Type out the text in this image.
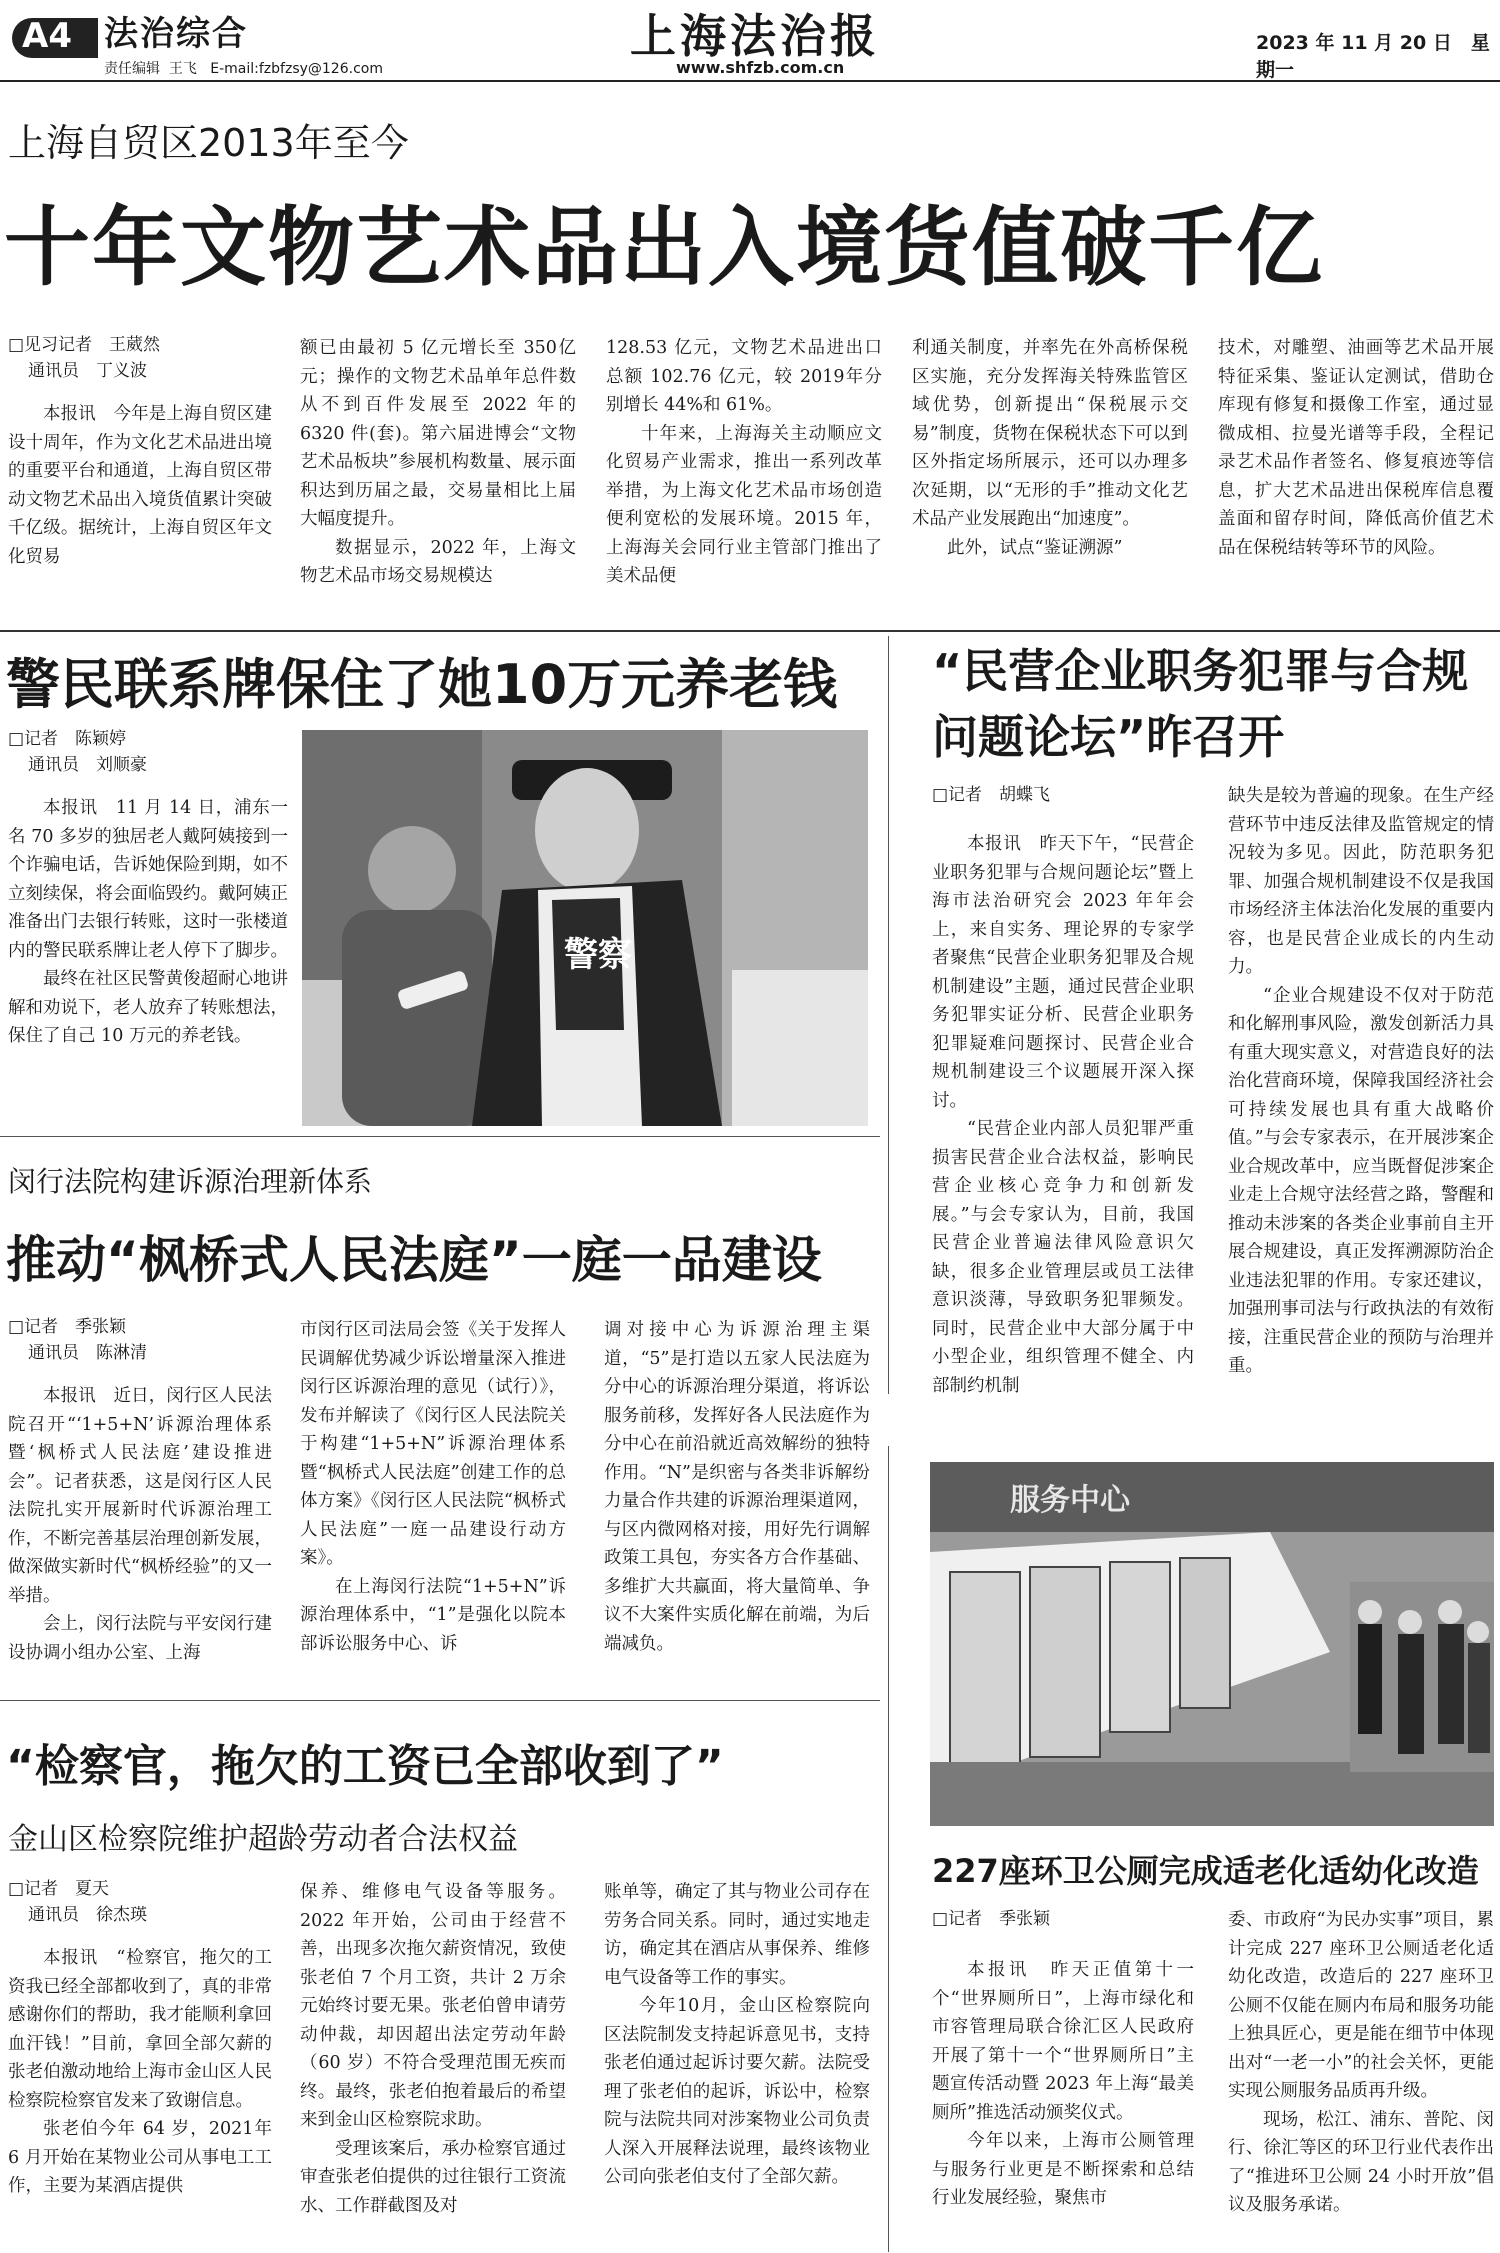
A4 法治综合
责任编辑 王飞 E-mail:fzbfzsy@126.com
上海法治报
www.shfzb.com.cn
2023 年 11 月 20 日　星期一
上海自贸区2013年至今
十年文物艺术品出入境货值破千亿
□见习记者　王葳然
通讯员　丁义波

本报讯　今年是上海自贸区建设十周年，作为文化艺术品进出境的重要平台和通道，上海自贸区带动文物艺术品出入境货值累计突破千亿级。据统计，上海自贸区年文化贸易

额已由最初 5 亿元增长至 350亿元；操作的文物艺术品单年总件数从不到百件发展至 2022 年的 6320 件(套)。第六届进博会“文物艺术品板块”参展机构数量、展示面积达到历届之最，交易量相比上届大幅度提升。

数据显示，2022 年，上海文物艺术品市场交易规模达

128.53 亿元，文物艺术品进出口总额 102.76 亿元，较 2019年分别增长 44%和 61%。

十年来，上海海关主动顺应文化贸易产业需求，推出一系列改革举措，为上海文化艺术品市场创造便利宽松的发展环境。2015 年，上海海关会同行业主管部门推出了美术品便

利通关制度，并率先在外高桥保税区实施，充分发挥海关特殊监管区域优势，创新提出“保税展示交易”制度，货物在保税状态下可以到区外指定场所展示，还可以办理多次延期，以“无形的手”推动文化艺术品产业发展跑出“加速度”。

此外，试点“鉴证溯源”

技术，对雕塑、油画等艺术品开展特征采集、鉴证认定测试，借助仓库现有修复和摄像工作室，通过显微成相、拉曼光谱等手段，全程记录艺术品作者签名、修复痕迹等信息，扩大艺术品进出保税库信息覆盖面和留存时间，降低高价值艺术品在保税结转等环节的风险。

警民联系牌保住了她10万元养老钱
□记者　陈颖婷
通讯员　刘顺豪

本报讯　11 月 14 日，浦东一名 70 多岁的独居老人戴阿姨接到一个诈骗电话，告诉她保险到期，如不立刻续保，将会面临毁约。戴阿姨正准备出门去银行转账，这时一张楼道内的警民联系牌让老人停下了脚步。

最终在社区民警黄俊超耐心地讲解和劝说下，老人放弃了转账想法，保住了自己 10 万元的养老钱。

警察
“民营企业职务犯罪与合规问题论坛”昨召开
□记者　胡蝶飞

本报讯　昨天下午，“民营企业职务犯罪与合规问题论坛”暨上海市法治研究会 2023 年年会上，来自实务、理论界的专家学者聚焦“民营企业职务犯罪及合规机制建设”主题，通过民营企业职务犯罪实证分析、民营企业职务犯罪疑难问题探讨、民营企业合规机制建设三个议题展开深入探讨。

“民营企业内部人员犯罪严重损害民营企业合法权益，影响民营企业核心竞争力和创新发展。”与会专家认为，目前，我国民营企业普遍法律风险意识欠缺，很多企业管理层或员工法律意识淡薄，导致职务犯罪频发。同时，民营企业中大部分属于中小型企业，组织管理不健全、内部制约机制

缺失是较为普遍的现象。在生产经营环节中违反法律及监管规定的情况较为多见。因此，防范职务犯罪、加强合规机制建设不仅是我国市场经济主体法治化发展的重要内容，也是民营企业成长的内生动力。

“企业合规建设不仅对于防范和化解刑事风险，激发创新活力具有重大现实意义，对营造良好的法治化营商环境，保障我国经济社会可持续发展也具有重大战略价值。”与会专家表示，在开展涉案企业合规改革中，应当既督促涉案企业走上合规守法经营之路，警醒和推动未涉案的各类企业事前自主开展合规建设，真正发挥溯源防治企业违法犯罪的作用。专家还建议，加强刑事司法与行政执法的有效衔接，注重民营企业的预防与治理并重。

闵行法院构建诉源治理新体系
推动“枫桥式人民法庭”一庭一品建设
□记者　季张颖
通讯员　陈淋清

本报讯　近日，闵行区人民法院召开“‘1+5+N’诉源治理体系暨‘枫桥式人民法庭’建设推进会”。记者获悉，这是闵行区人民法院扎实开展新时代诉源治理工作，不断完善基层治理创新发展，做深做实新时代“枫桥经验”的又一举措。

会上，闵行法院与平安闵行建设协调小组办公室、上海

市闵行区司法局会签《关于发挥人民调解优势减少诉讼增量深入推进闵行区诉源治理的意见（试行）》，发布并解读了《闵行区人民法院关于构建“1+5+N”诉源治理体系暨“枫桥式人民法庭”创建工作的总体方案》《闵行区人民法院“枫桥式人民法庭”一庭一品建设行动方案》。

在上海闵行法院“1+5+N”诉源治理体系中，“1”是强化以院本部诉讼服务中心、诉

调对接中心为诉源治理主渠道，“5”是打造以五家人民法庭为分中心的诉源治理分渠道，将诉讼服务前移，发挥好各人民法庭作为分中心在前沿就近高效解纷的独特作用。“N”是织密与各类非诉解纷力量合作共建的诉源治理渠道网，与区内微网格对接，用好先行调解政策工具包，夯实各方合作基础、多维扩大共赢面，将大量简单、争议不大案件实质化解在前端，为后端减负。

服务中心
227座环卫公厕完成适老化适幼化改造
“检察官，拖欠的工资已全部收到了”
金山区检察院维护超龄劳动者合法权益
□记者　夏天
通讯员　徐杰瑛

本报讯　“检察官，拖欠的工资我已经全部都收到了，真的非常感谢你们的帮助，我才能顺利拿回血汗钱！”目前，拿回全部欠薪的张老伯激动地给上海市金山区人民检察院检察官发来了致谢信息。

张老伯今年 64 岁，2021年 6 月开始在某物业公司从事电工工作，主要为某酒店提供

保养、维修电气设备等服务。2022 年开始，公司由于经营不善，出现多次拖欠薪资情况，致使张老伯 7 个月工资，共计 2 万余元始终讨要无果。张老伯曾申请劳动仲裁，却因超出法定劳动年龄（60 岁）不符合受理范围无疾而终。最终，张老伯抱着最后的希望来到金山区检察院求助。

受理该案后，承办检察官通过审查张老伯提供的过往银行工资流水、工作群截图及对

账单等，确定了其与物业公司存在劳务合同关系。同时，通过实地走访，确定其在酒店从事保养、维修电气设备等工作的事实。

今年10月，金山区检察院向区法院制发支持起诉意见书，支持张老伯通过起诉讨要欠薪。法院受理了张老伯的起诉，诉讼中，检察院与法院共同对涉案物业公司负责人深入开展释法说理，最终该物业公司向张老伯支付了全部欠薪。

□记者　季张颖

本报讯　昨天正值第十一个“世界厕所日”，上海市绿化和市容管理局联合徐汇区人民政府开展了第十一个“世界厕所日”主题宣传活动暨 2023 年上海“最美厕所”推选活动颁奖仪式。

今年以来，上海市公厕管理与服务行业更是不断探索和总结行业发展经验，聚焦市

委、市政府“为民办实事”项目，累计完成 227 座环卫公厕适老化适幼化改造，改造后的 227 座环卫公厕不仅能在厕内布局和服务功能上独具匠心，更是能在细节中体现出对“一老一小”的社会关怀，更能实现公厕服务品质再升级。

现场，松江、浦东、普陀、闵行、徐汇等区的环卫行业代表作出了“推进环卫公厕 24 小时开放”倡议及服务承诺。
